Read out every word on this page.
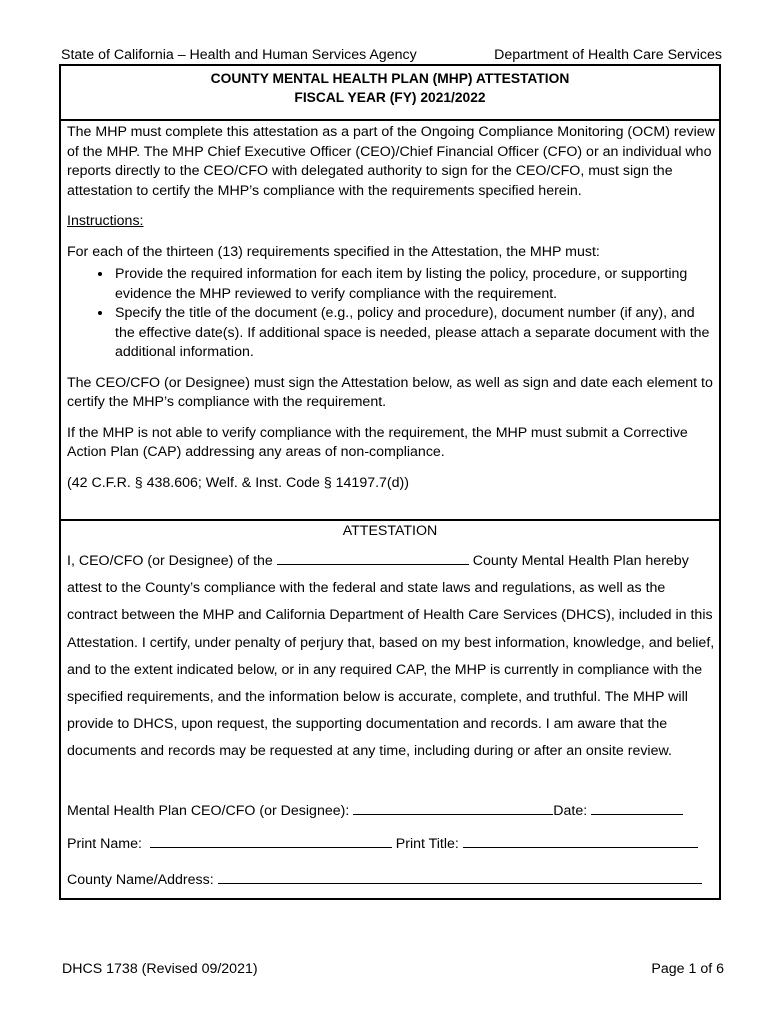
State of California – Health and Human Services Agency	Department of Health Care Services
COUNTY MENTAL HEALTH PLAN (MHP) ATTESTATION
FISCAL YEAR (FY) 2021/2022

The MHP must complete this attestation as a part of the Ongoing Compliance Monitoring (OCM) review of the MHP. The MHP Chief Executive Officer (CEO)/Chief Financial Officer (CFO) or an individual who reports directly to the CEO/CFO with delegated authority to sign for the CEO/CFO, must sign the attestation to certify the MHP’s compliance with the requirements specified herein.

Instructions:

For each of the thirteen (13) requirements specified in the Attestation, the MHP must:

• Provide the required information for each item by listing the policy, procedure, or supporting evidence the MHP reviewed to verify compliance with the requirement.
• Specify the title of the document (e.g., policy and procedure), document number (if any), and the effective date(s). If additional space is needed, please attach a separate document with the additional information.

The CEO/CFO (or Designee) must sign the Attestation below, as well as sign and date each element to certify the MHP’s compliance with the requirement.

If the MHP is not able to verify compliance with the requirement, the MHP must submit a Corrective Action Plan (CAP) addressing any areas of non-compliance.

(42 C.F.R. § 438.606; Welf. & Inst. Code § 14197.7(d))

ATTESTATION
I, CEO/CFO (or Designee) of the	County Mental Health Plan hereby attest to the County’s compliance with the federal and state laws and regulations, as well as the contract between the MHP and California Department of Health Care Services (DHCS), included in this Attestation. I certify, under penalty of perjury that, based on my best information, knowledge, and belief, and to the extent indicated below, or in any required CAP, the MHP is currently in compliance with the specified requirements, and the information below is accurate, complete, and truthful. The MHP will provide to DHCS, upon request, the supporting documentation and records. I am aware that the documents and records may be requested at any time, including during or after an onsite review.
Mental Health Plan CEO/CFO (or Designee):	Date:
Print Name:	Print Title:
County Name/Address:
DHCS 1738 (Revised 09/2021)	Page 1 of 6
